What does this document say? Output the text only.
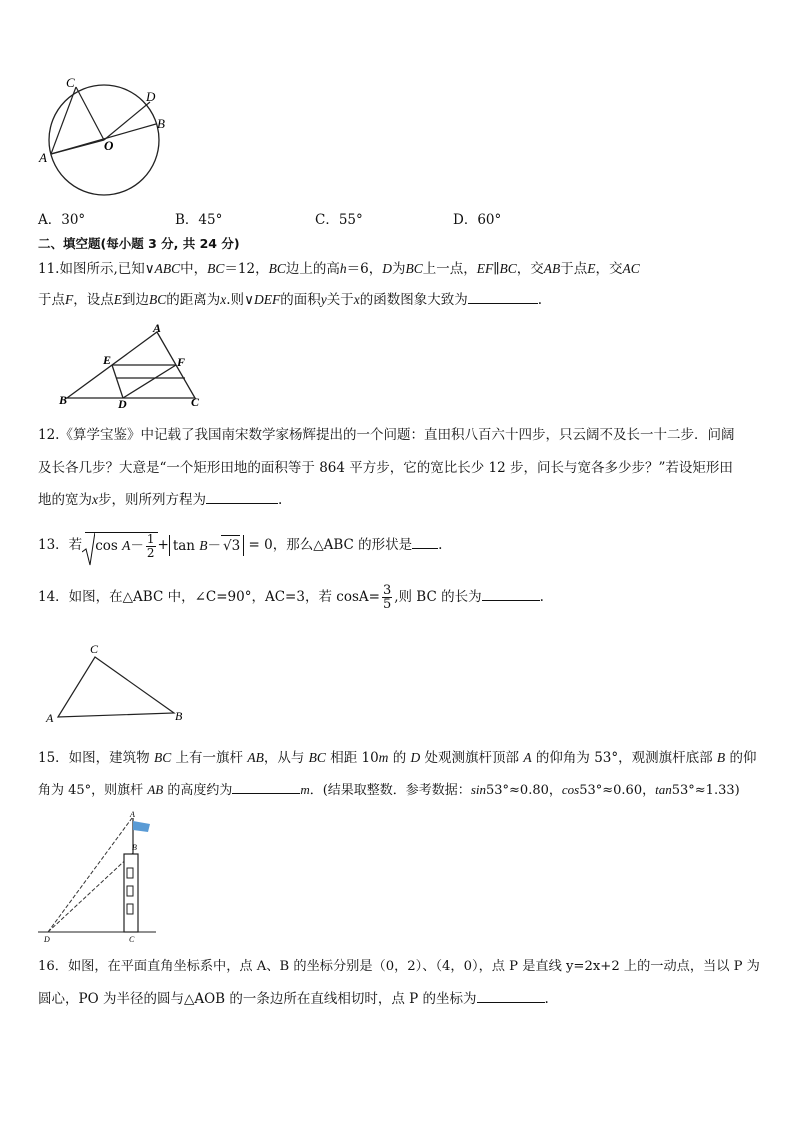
C
D
B
A
O
A．30°	B．45°	C．55°	D．60°
二、填空题(每小题 3 分, 共 24 分)
11.如图所示,已知∨ABC中，BC＝12，BC边上的高h＝6，D为BC上一点，EF∥BC，交AB于点E，交AC
于点F，设点E到边BC的距离为x.则∨DEF的面积y关于x的函数图象大致为	.
A
E	F
B	D	C
12.《算学宝鉴》中记载了我国南宋数学家杨辉提出的一个问题：直田积八百六十四步，只云阔不及长一十二步．问阔
及长各几步？大意是“一个矩形田地的面积等于 864 平方步，它的宽比长少 12 步，问长与宽各多少步？”若设矩形田
地的宽为x步，则所列方程为	.
13．若 $\cos A- \frac{1}{2} + \tan B- √3 = 0$，那么△ABC 的形状是 .
14．如图，在△ABC 中，∠C=90°，AC=3，若 $\cos A= \frac{3}{5}$ ,则 BC 的长为	.
C
A	B
15．如图，建筑物 BC 上有一旗杆 AB，从与 BC 相距 10m 的 D 处观测旗杆顶部 A 的仰角为 53°，观测旗杆底部 B 的仰
角为 45°，则旗杆 AB 的高度约为	m．(结果取整数．参考数据：sin53°≈0.80，cos53°≈0.60，tan53°≈1.33)
A
B
D	C
16．如图，在平面直角坐标系中，点 A、B 的坐标分别是（0，2）、（4，0），点 P 是直线 y=2x+2 上的一动点，当以 P 为
圆心，PO 为半径的圆与△AOB 的一条边所在直线相切时，点 P 的坐标为	.
